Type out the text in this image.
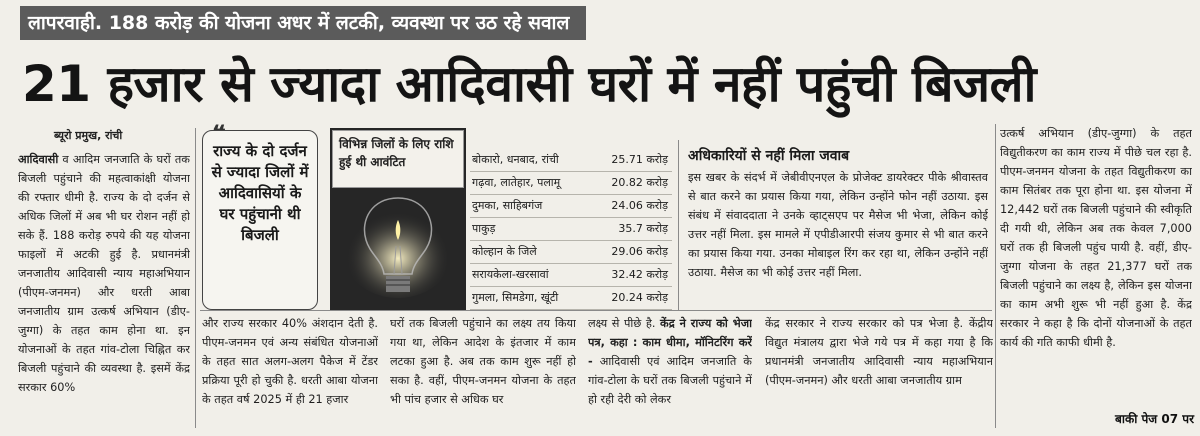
लापरवाही. 188 करोड़ की योजना अधर में लटकी, व्यवस्था पर उठ रहे सवाल
21 हजार से ज्यादा आदिवासी घरों में नहीं पहुंची बिजली
ब्यूरो प्रमुख, रांची
आदिवासी व आदिम जनजाति के घरों तक बिजली पहुंचाने की महत्वाकांक्षी योजना की रफ्तार धीमी है. राज्य के दो दर्जन से अधिक जिलों में अब भी घर रोशन नहीं हो सके हैं. 188 करोड़ रुपये की यह योजना फाइलों में अटकी हुई है. प्रधानमंत्री जनजातीय आदिवासी न्याय महाअभियान (पीएम-जनमन) और धरती आबा जनजातीय ग्राम उत्कर्ष अभियान (डीए-जुग्गा) के तहत काम होना था. इन योजनाओं के तहत गांव-टोला चिह्नित कर बिजली पहुंचाने की व्यवस्था है. इसमें केंद्र सरकार 60%
राज्य के दो दर्जन से ज्यादा जिलों में आदिवासियों के घर पहुंचानी थी बिजली
विभिन्न जिलों के लिए राशि हुई थी आवंटित	बोकारो, धनबाद, रांची	25.71 करोड़
गढ़वा, लातेहार, पलामू	20.82 करोड़
दुमका, साहिबगंज	24.06 करोड़
पाकुड़	35.7 करोड़
कोल्हान के जिले	29.06 करोड़
सरायकेला-खरसावां	32.42 करोड़
गुमला, सिमडेगा, खूंटी	20.24 करोड़
अधिकारियों से नहीं मिला जवाब
इस खबर के संदर्भ में जेबीवीएनएल के प्रोजेक्ट डायरेक्टर पीके श्रीवास्तव से बात करने का प्रयास किया गया, लेकिन उन्होंने फोन नहीं उठाया. इस संबंध में संवाददाता ने उनके व्हाट्सएप पर मैसेज भी भेजा, लेकिन कोई उत्तर नहीं मिला. इस मामले में एपीडीआरपी संजय कुमार से भी बात करने का प्रयास किया गया. उनका मोबाइल रिंग कर रहा था, लेकिन उन्होंने नहीं उठाया. मैसेज का भी कोई उत्तर नहीं मिला.
और राज्य सरकार 40% अंशदान देती है. पीएम-जनमन एवं अन्य संबंधित योजनाओं के तहत सात अलग-अलग पैकेज में टेंडर प्रक्रिया पूरी हो चुकी है. धरती आबा योजना के तहत वर्ष 2025 में ही 21 हजार
घरों तक बिजली पहुंचाने का लक्ष्य तय किया गया था, लेकिन आदेश के इंतजार में काम लटका हुआ है. अब तक काम शुरू नहीं हो सका है. वहीं, पीएम-जनमन योजना के तहत भी पांच हजार से अधिक घर
लक्ष्य से पीछे है. केंद्र ने राज्य को भेजा पत्र, कहा : काम धीमा, मॉनिटरिंग करें - आदिवासी एवं आदिम जनजाति के गांव-टोला के घरों तक बिजली पहुंचाने में हो रही देरी को लेकर
केंद्र सरकार ने राज्य सरकार को पत्र भेजा है. केंद्रीय विद्युत मंत्रालय द्वारा भेजे गये पत्र में कहा गया है कि प्रधानमंत्री जनजातीय आदिवासी न्याय महाअभियान (पीएम-जनमन) और धरती आबा जनजातीय ग्राम
उत्कर्ष अभियान (डीए-जुग्गा) के तहत विद्युतीकरण का काम राज्य में पीछे चल रहा है. पीएम-जनमन योजना के तहत विद्युतीकरण का काम सितंबर तक पूरा होना था. इस योजना में 12,442 घरों तक बिजली पहुंचाने की स्वीकृति दी गयी थी, लेकिन अब तक केवल 7,000 घरों तक ही बिजली पहुंच पायी है. वहीं, डीए-जुग्गा योजना के तहत 21,377 घरों तक बिजली पहुंचाने का लक्ष्य है, लेकिन इस योजना का काम अभी शुरू भी नहीं हुआ है. केंद्र सरकार ने कहा है कि दोनों योजनाओं के तहत कार्य की गति काफी धीमी है.
बाकी पेज 07 पर
